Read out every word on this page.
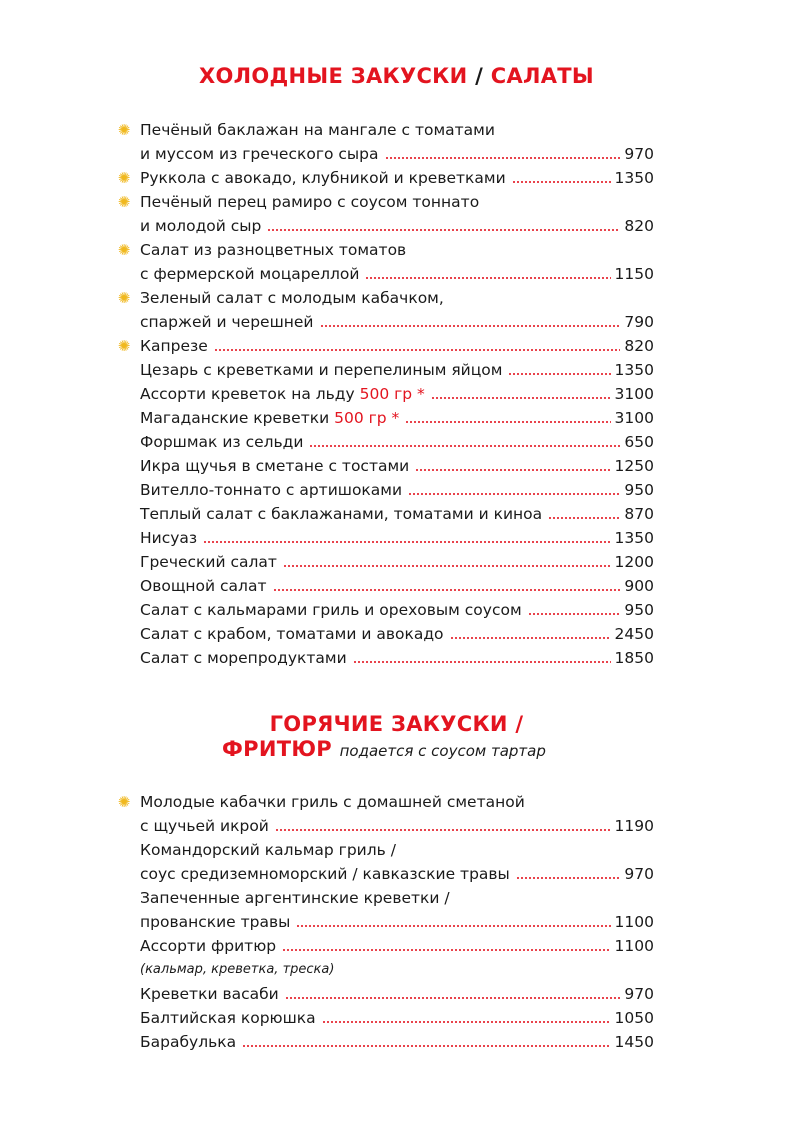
ХОЛОДНЫЕ ЗАКУСКИ / САЛАТЫ
✺ Печёный баклажан на мангале с томатами
и муссом из греческого сыра	970
✺ Руккола с авокадо, клубникой и креветками	1350
✺ Печёный перец рамиро с соусом тоннато
и молодой сыр	820
✺ Салат из разноцветных томатов
с фермерской моцареллой	1150
✺ Зеленый салат с молодым кабачком,
спаржей и черешней	790
✺ Капрезе	820
Цезарь с креветками и перепелиным яйцом	1350
Ассорти креветок на льду
500 гр *	3100
Магаданские креветки
500 гр *	3100
Форшмак из сельди	650
Икра щучья в сметане с тостами	1250
Вителло-тоннато с артишоками	950
Теплый салат с баклажанами, томатами и киноа	870
Нисуаз	1350
Греческий салат	1200
Овощной салат	900
Салат с кальмарами гриль и ореховым соусом	950
Салат с крабом, томатами и авокадо	2450
Салат с морепродуктами	1850
ГОРЯЧИЕ ЗАКУСКИ /
ФРИТЮР подается с соусом тартар
✺ Молодые кабачки гриль с домашней сметаной
с щучьей икрой	1190
Командорский кальмар гриль /
соус средиземноморский / кавказские травы	970
Запеченные аргентинские креветки /
прованские травы	1100
Ассорти фритюр	1100
(кальмар, креветка, треска)
Креветки васаби	970
Балтийская корюшка	1050
Барабулька	1450
